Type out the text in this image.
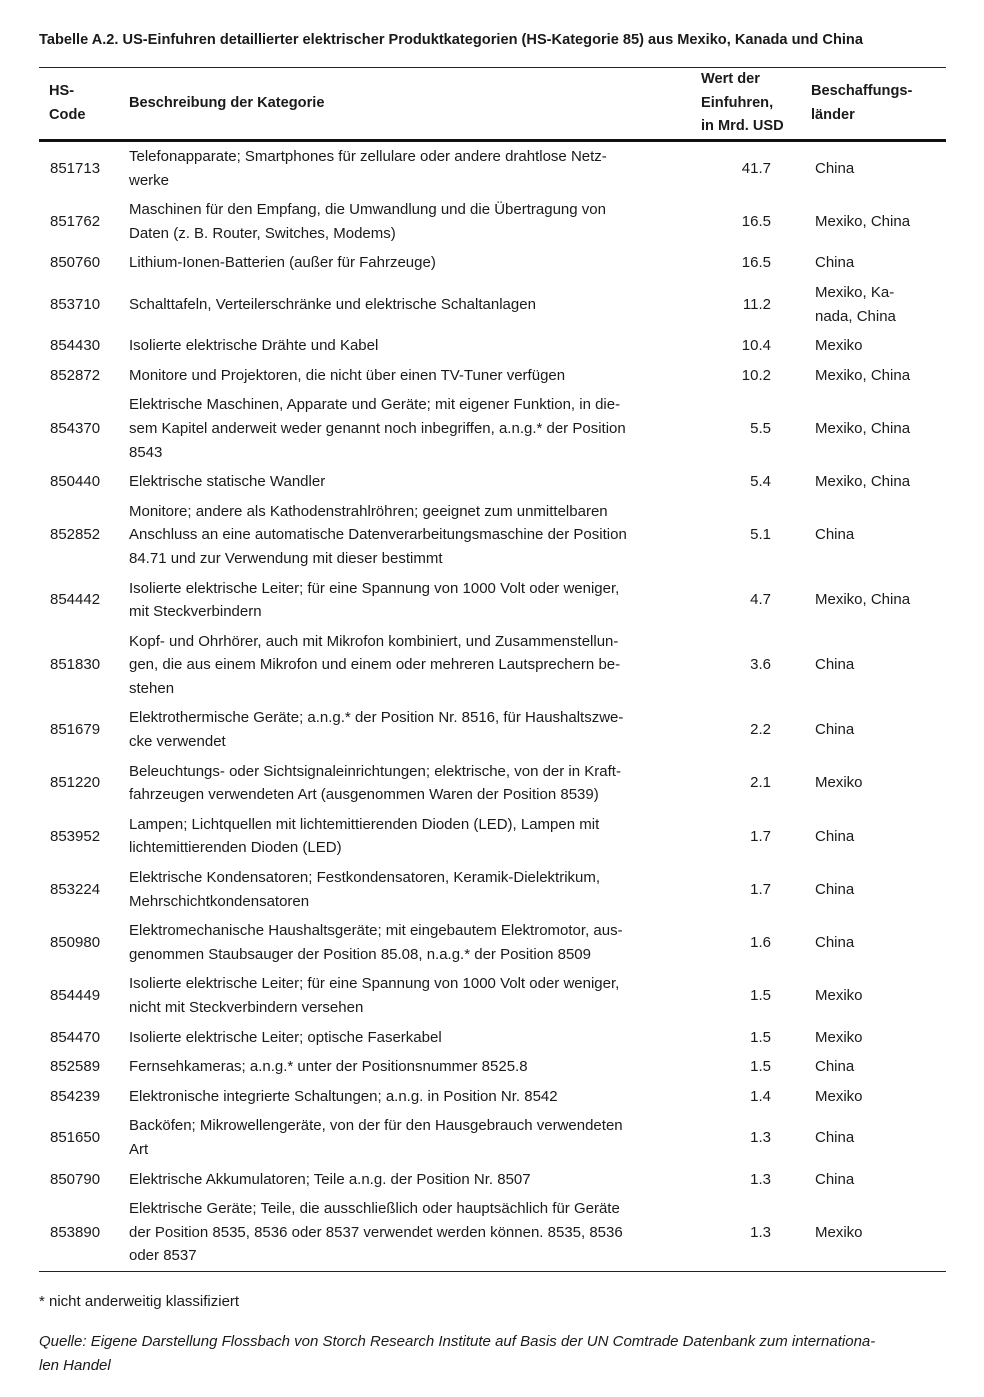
Tabelle A.2. US-Einfuhren detaillierter elektrischer Produktkategorien (HS-Kategorie 85) aus Mexiko, Kanada und China
HS-
Code	Beschreibung der Kategorie	Wert der
Einfuhren,
in Mrd. USD	Beschaffungs-
länder
851713	Telefonapparate; Smartphones für zellulare oder andere drahtlose Netz-
werke	41.7	China
851762	Maschinen für den Empfang, die Umwandlung und die Übertragung von
Daten (z. B. Router, Switches, Modems)	16.5	Mexiko, China
850760	Lithium-Ionen-Batterien (außer für Fahrzeuge)	16.5	China
853710	Schalttafeln, Verteilerschränke und elektrische Schaltanlagen	11.2	Mexiko, Ka-
nada, China
854430	Isolierte elektrische Drähte und Kabel	10.4	Mexiko
852872	Monitore und Projektoren, die nicht über einen TV-Tuner verfügen	10.2	Mexiko, China
854370	Elektrische Maschinen, Apparate und Geräte; mit eigener Funktion, in die-
sem Kapitel anderweit weder genannt noch inbegriffen, a.n.g.* der Position
8543	5.5	Mexiko, China
850440	Elektrische statische Wandler	5.4	Mexiko, China
852852	Monitore; andere als Kathodenstrahlröhren; geeignet zum unmittelbaren
Anschluss an eine automatische Datenverarbeitungsmaschine der Position
84.71 und zur Verwendung mit dieser bestimmt	5.1	China
854442	Isolierte elektrische Leiter; für eine Spannung von 1000 Volt oder weniger,
mit Steckverbindern	4.7	Mexiko, China
851830	Kopf- und Ohrhörer, auch mit Mikrofon kombiniert, und Zusammenstellun-
gen, die aus einem Mikrofon und einem oder mehreren Lautsprechern be-
stehen	3.6	China
851679	Elektrothermische Geräte; a.n.g.* der Position Nr. 8516, für Haushaltszwe-
cke verwendet	2.2	China
851220	Beleuchtungs- oder Sichtsignaleinrichtungen; elektrische, von der in Kraft-
fahrzeugen verwendeten Art (ausgenommen Waren der Position 8539)	2.1	Mexiko
853952	Lampen; Lichtquellen mit lichtemittierenden Dioden (LED), Lampen mit
lichtemittierenden Dioden (LED)	1.7	China
853224	Elektrische Kondensatoren; Festkondensatoren, Keramik-Dielektrikum,
Mehrschichtkondensatoren	1.7	China
850980	Elektromechanische Haushaltsgeräte; mit eingebautem Elektromotor, aus-
genommen Staubsauger der Position 85.08, n.a.g.* der Position 8509	1.6	China
854449	Isolierte elektrische Leiter; für eine Spannung von 1000 Volt oder weniger,
nicht mit Steckverbindern versehen	1.5	Mexiko
854470	Isolierte elektrische Leiter; optische Faserkabel	1.5	Mexiko
852589	Fernsehkameras; a.n.g.* unter der Positionsnummer 8525.8	1.5	China
854239	Elektronische integrierte Schaltungen; a.n.g. in Position Nr. 8542	1.4	Mexiko
851650	Backöfen; Mikrowellengeräte, von der für den Hausgebrauch verwendeten
Art	1.3	China
850790	Elektrische Akkumulatoren; Teile a.n.g. der Position Nr. 8507	1.3	China
853890	Elektrische Geräte; Teile, die ausschließlich oder hauptsächlich für Geräte
der Position 8535, 8536 oder 8537 verwendet werden können. 8535, 8536
oder 8537	1.3	Mexiko
* nicht anderweitig klassifiziert
Quelle: Eigene Darstellung Flossbach von Storch Research Institute auf Basis der UN Comtrade Datenbank zum internationa-
len Handel
